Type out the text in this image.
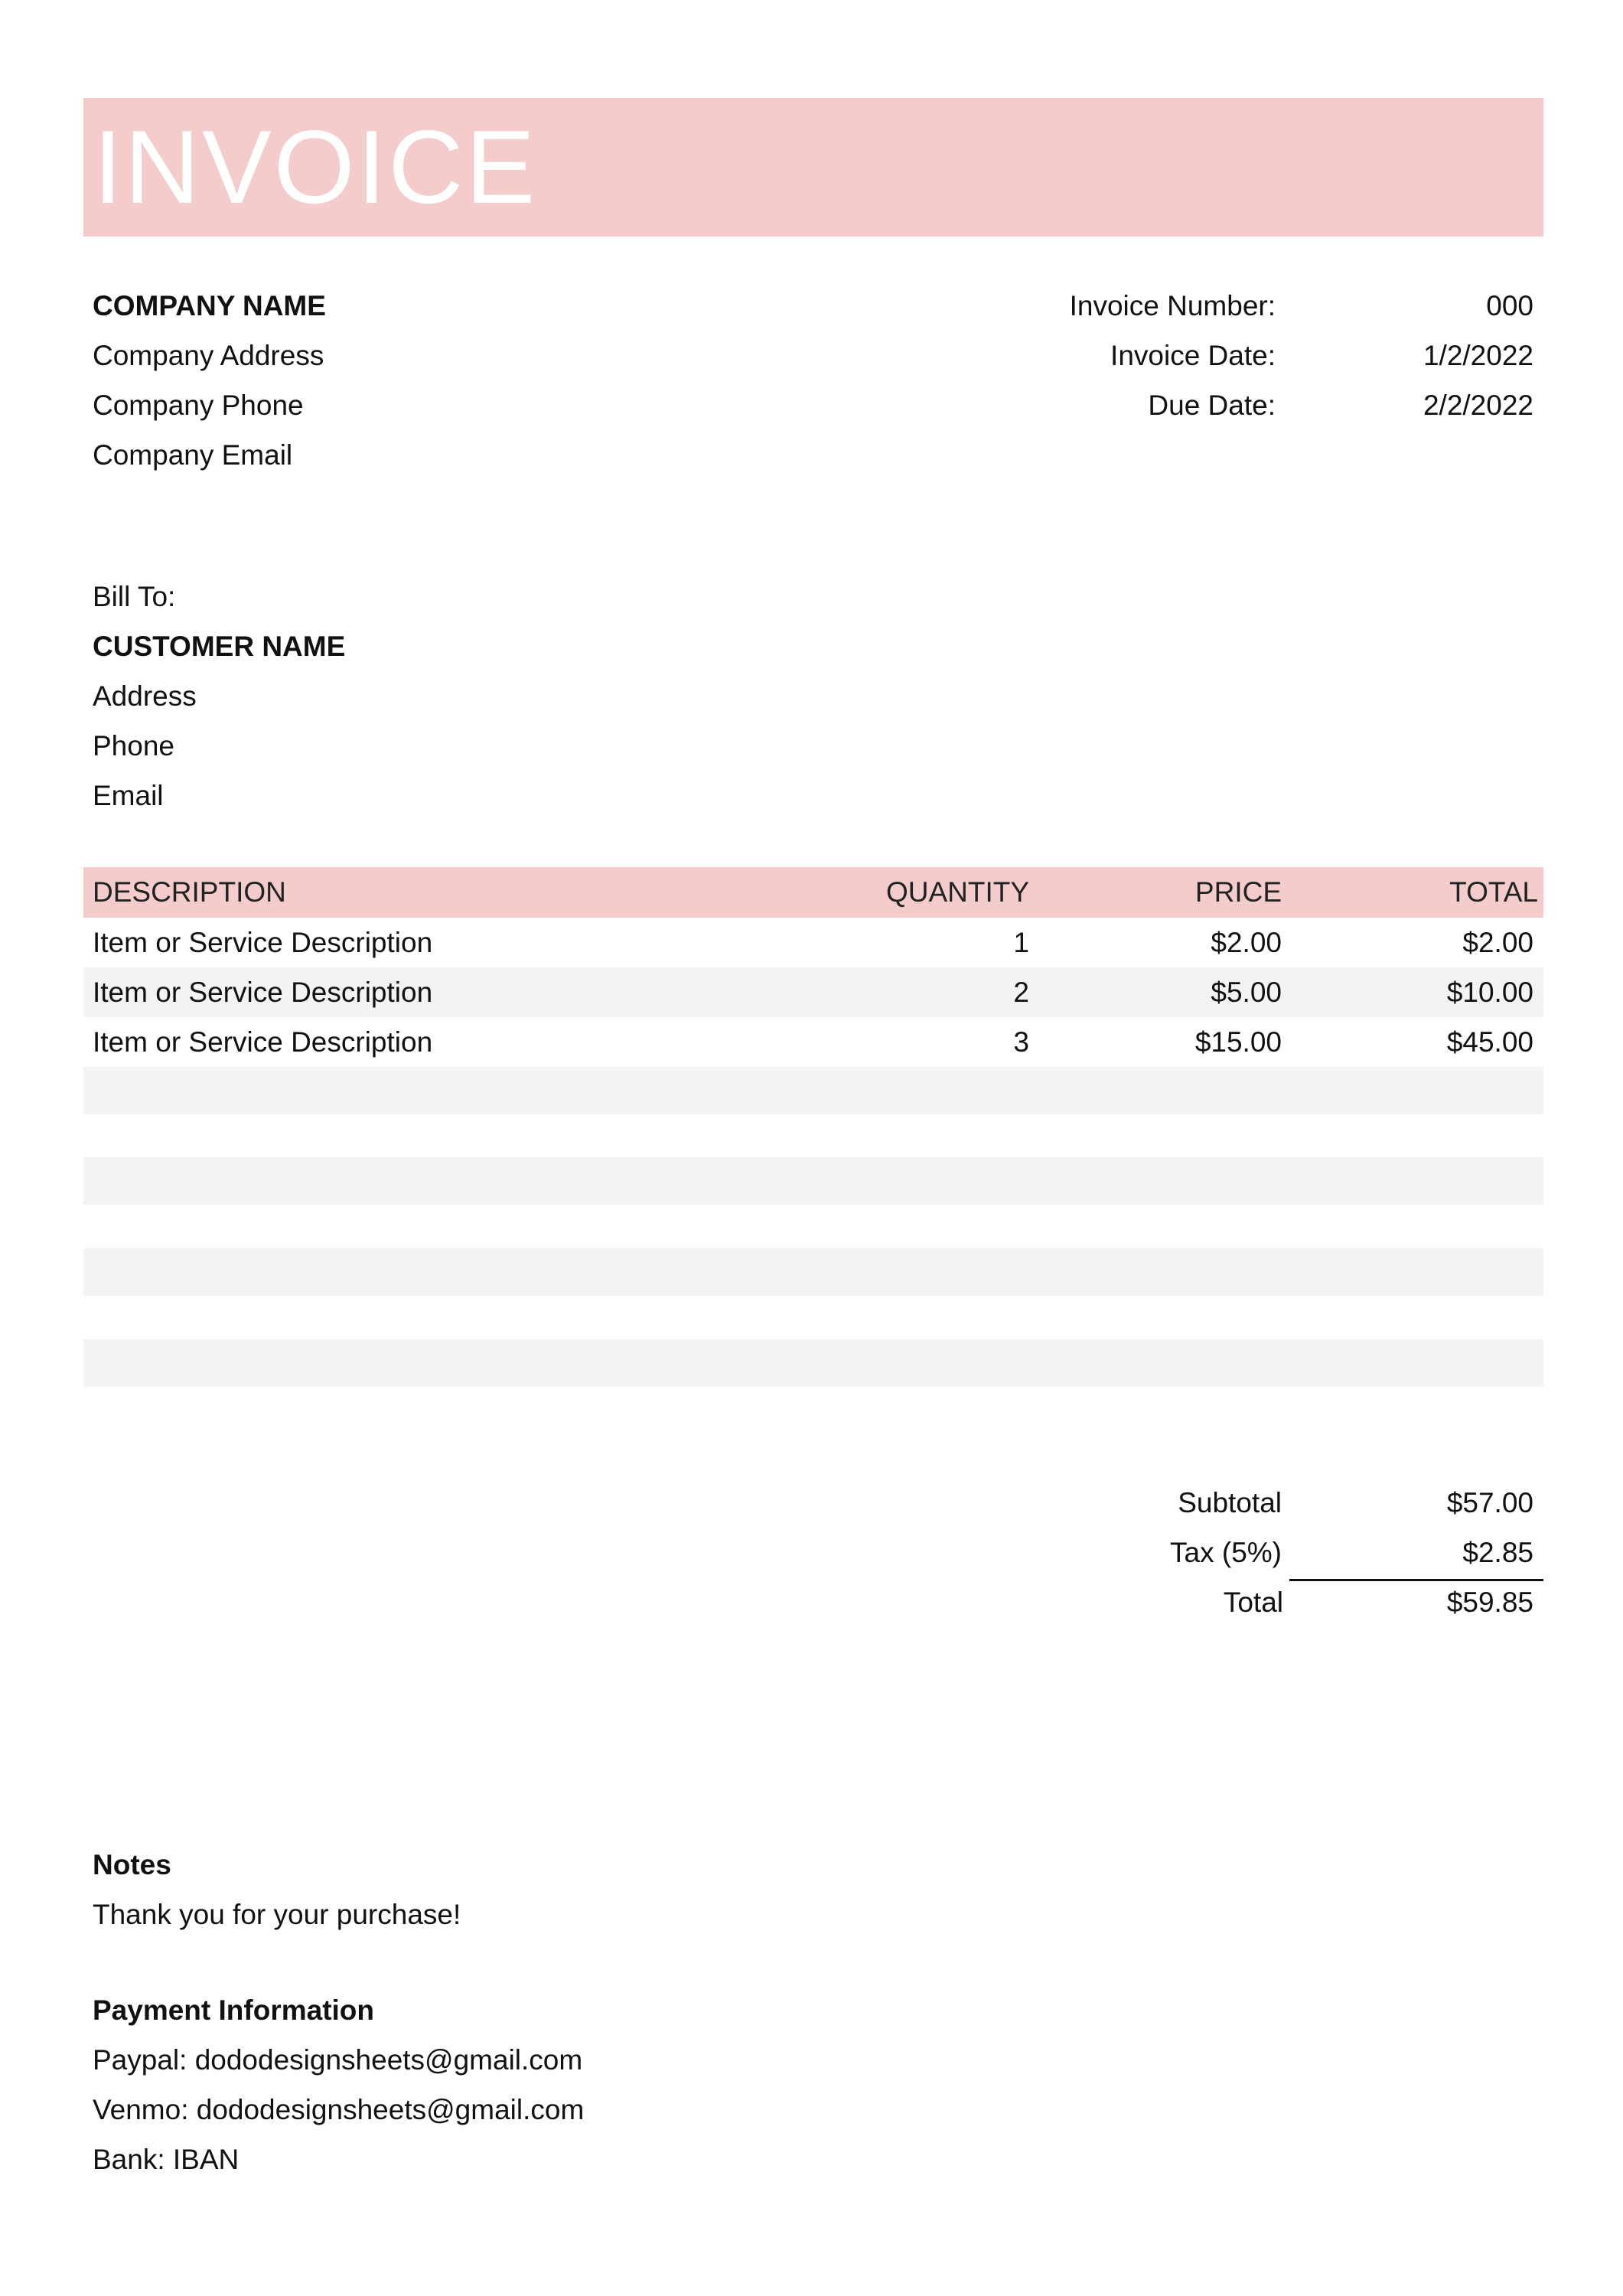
INVOICE
COMPANY NAME
Company Address
Company Phone
Company Email
Invoice Number:	000
Invoice Date:	1/2/2022
Due Date:	2/2/2022
Bill To:
CUSTOMER NAME
Address
Phone
Email
DESCRIPTION	QUANTITY	PRICE	TOTAL
Item or Service Description	1	$2.00	$2.00
Item or Service Description	2	$5.00	$10.00
Item or Service Description	3	$15.00	$45.00
Subtotal	$57.00
Tax (5%)	$2.85
Total	$59.85
Notes
Thank you for your purchase!
Payment Information
Paypal: dododesignsheets@gmail.com
Venmo: dododesignsheets@gmail.com
Bank: IBAN
